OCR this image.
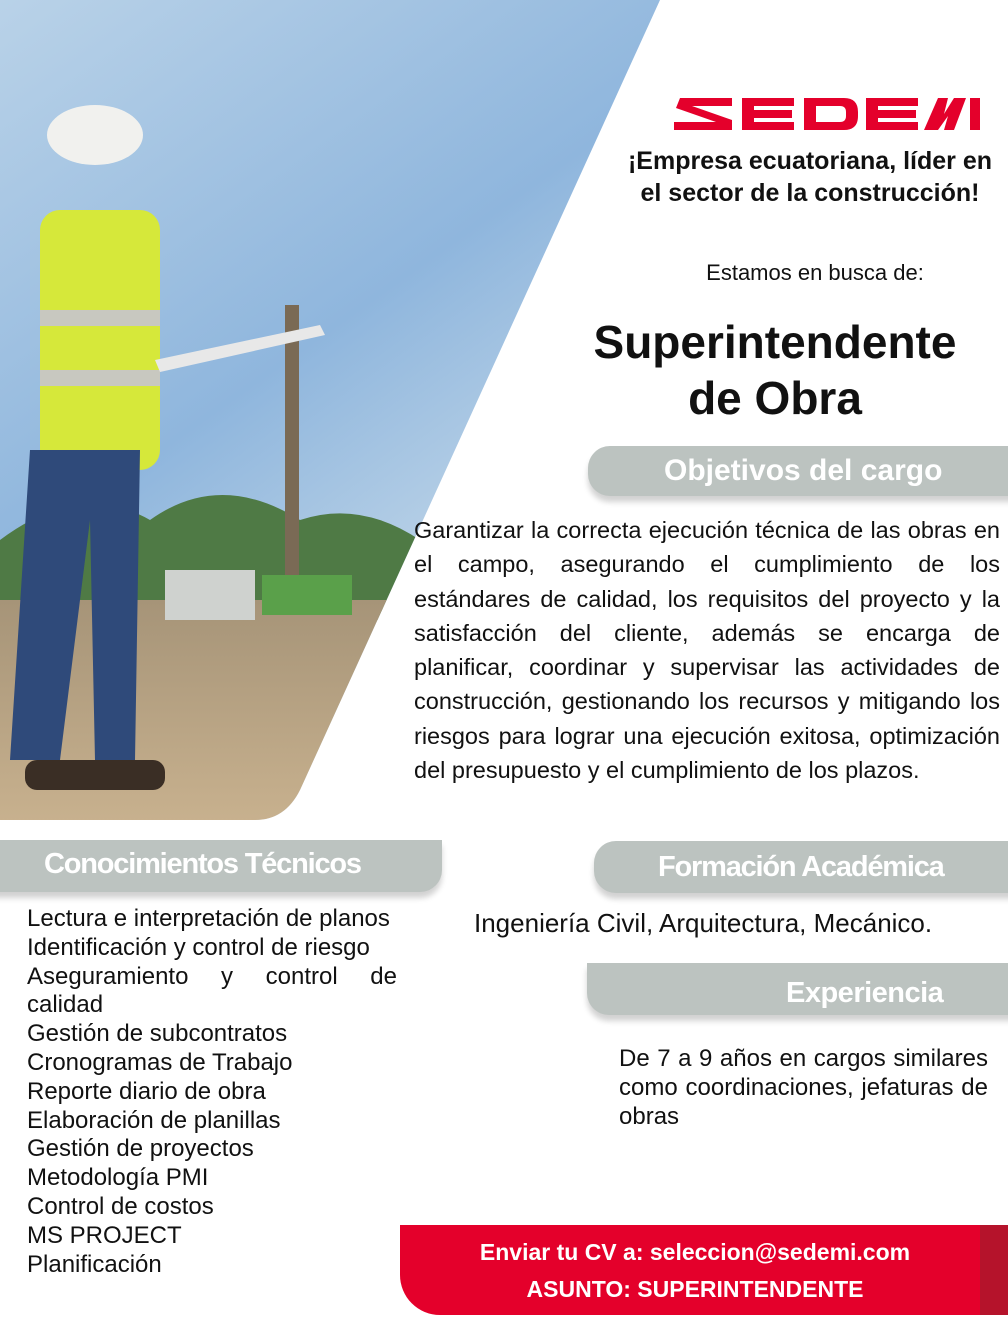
¡Empresa ecuatoriana, líder en el sector de la construcción!
Estamos en busca de:
Superintendente
de Obra
Objetivos del cargo
Garantizar la correcta ejecución técnica de las obras en el campo, asegurando el cumplimiento de los estándares de calidad, los requisitos del proyecto y la satisfacción del cliente, además se encarga de planificar, coordinar y supervisar las actividades de construcción, gestionando los recursos y mitigando los riesgos para lograr una ejecución exitosa, optimización del presupuesto y el cumplimiento de los plazos.
Conocimientos Técnicos
Lectura e interpretación de planos
Identificación y control de riesgo
Aseguramiento y control de calidad
Gestión de subcontratos
Cronogramas de Trabajo
Reporte diario de obra
Elaboración de planillas
Gestión de proyectos
Metodología PMI
Control de costos
MS PROJECT
Planificación
Formación Académica
Ingeniería Civil, Arquitectura, Mecánico.
Experiencia
De 7 a 9 años en cargos similares como coordinaciones, jefaturas de obras
Enviar tu CV a: seleccion@sedemi.com
ASUNTO: SUPERINTENDENTE
